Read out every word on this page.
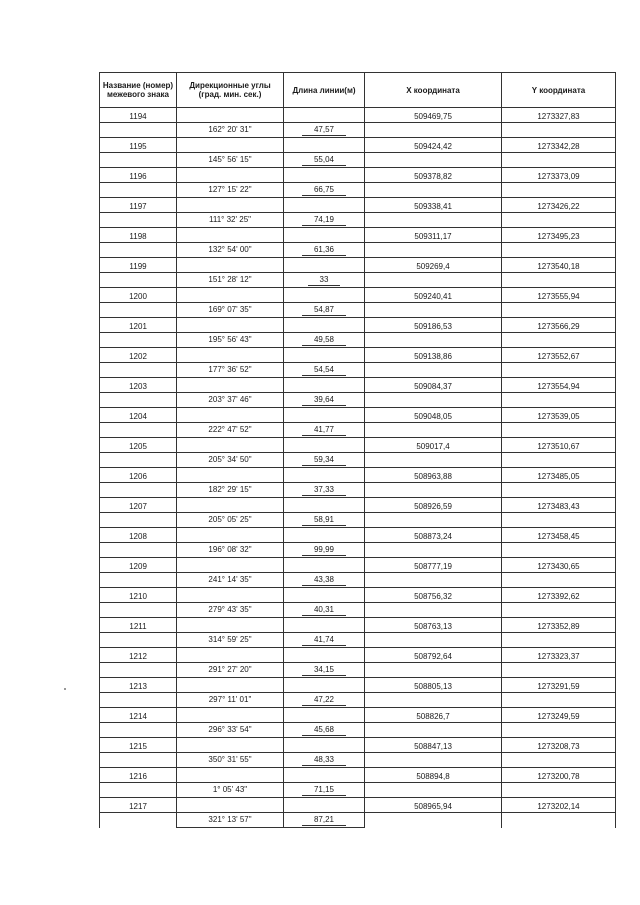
Название (номер) межевого знака	Дирекционные углы (град. мин. сек.)	Длина линии(м)	X координата	Y координата
1194			509469,75	1273327,83
	162° 20' 31"	47,57		
1195			509424,42	1273342,28
	145° 56' 15"	55,04		
1196			509378,82	1273373,09
	127° 15' 22"	66,75		
1197			509338,41	1273426,22
	111° 32' 25"	74,19		
1198			509311,17	1273495,23
	132° 54' 00"	61,36		
1199			509269,4	1273540,18
	151° 28' 12"	33		
1200			509240,41	1273555,94
	169° 07' 35"	54,87		
1201			509186,53	1273566,29
	195° 56' 43"	49,58		
1202			509138,86	1273552,67
	177° 36' 52"	54,54		
1203			509084,37	1273554,94
	203° 37' 46"	39,64		
1204			509048,05	1273539,05
	222° 47' 52"	41,77		
1205			509017,4	1273510,67
	205° 34' 50"	59,34		
1206			508963,88	1273485,05
	182° 29' 15"	37,33		
1207			508926,59	1273483,43
	205° 05' 25"	58,91		
1208			508873,24	1273458,45
	196° 08' 32"	99,99		
1209			508777,19	1273430,65
	241° 14' 35"	43,38		
1210			508756,32	1273392,62
	279° 43' 35"	40,31		
1211			508763,13	1273352,89
	314° 59' 25"	41,74		
1212			508792,64	1273323,37
	291° 27' 20"	34,15		
1213			508805,13	1273291,59
	297° 11' 01"	47,22		
1214			508826,7	1273249,59
	296° 33' 54"	45,68		
1215			508847,13	1273208,73
	350° 31' 55"	48,33		
1216			508894,8	1273200,78
	1° 05' 43"	71,15		
1217			508965,94	1273202,14
	321° 13' 57"	87,21		
